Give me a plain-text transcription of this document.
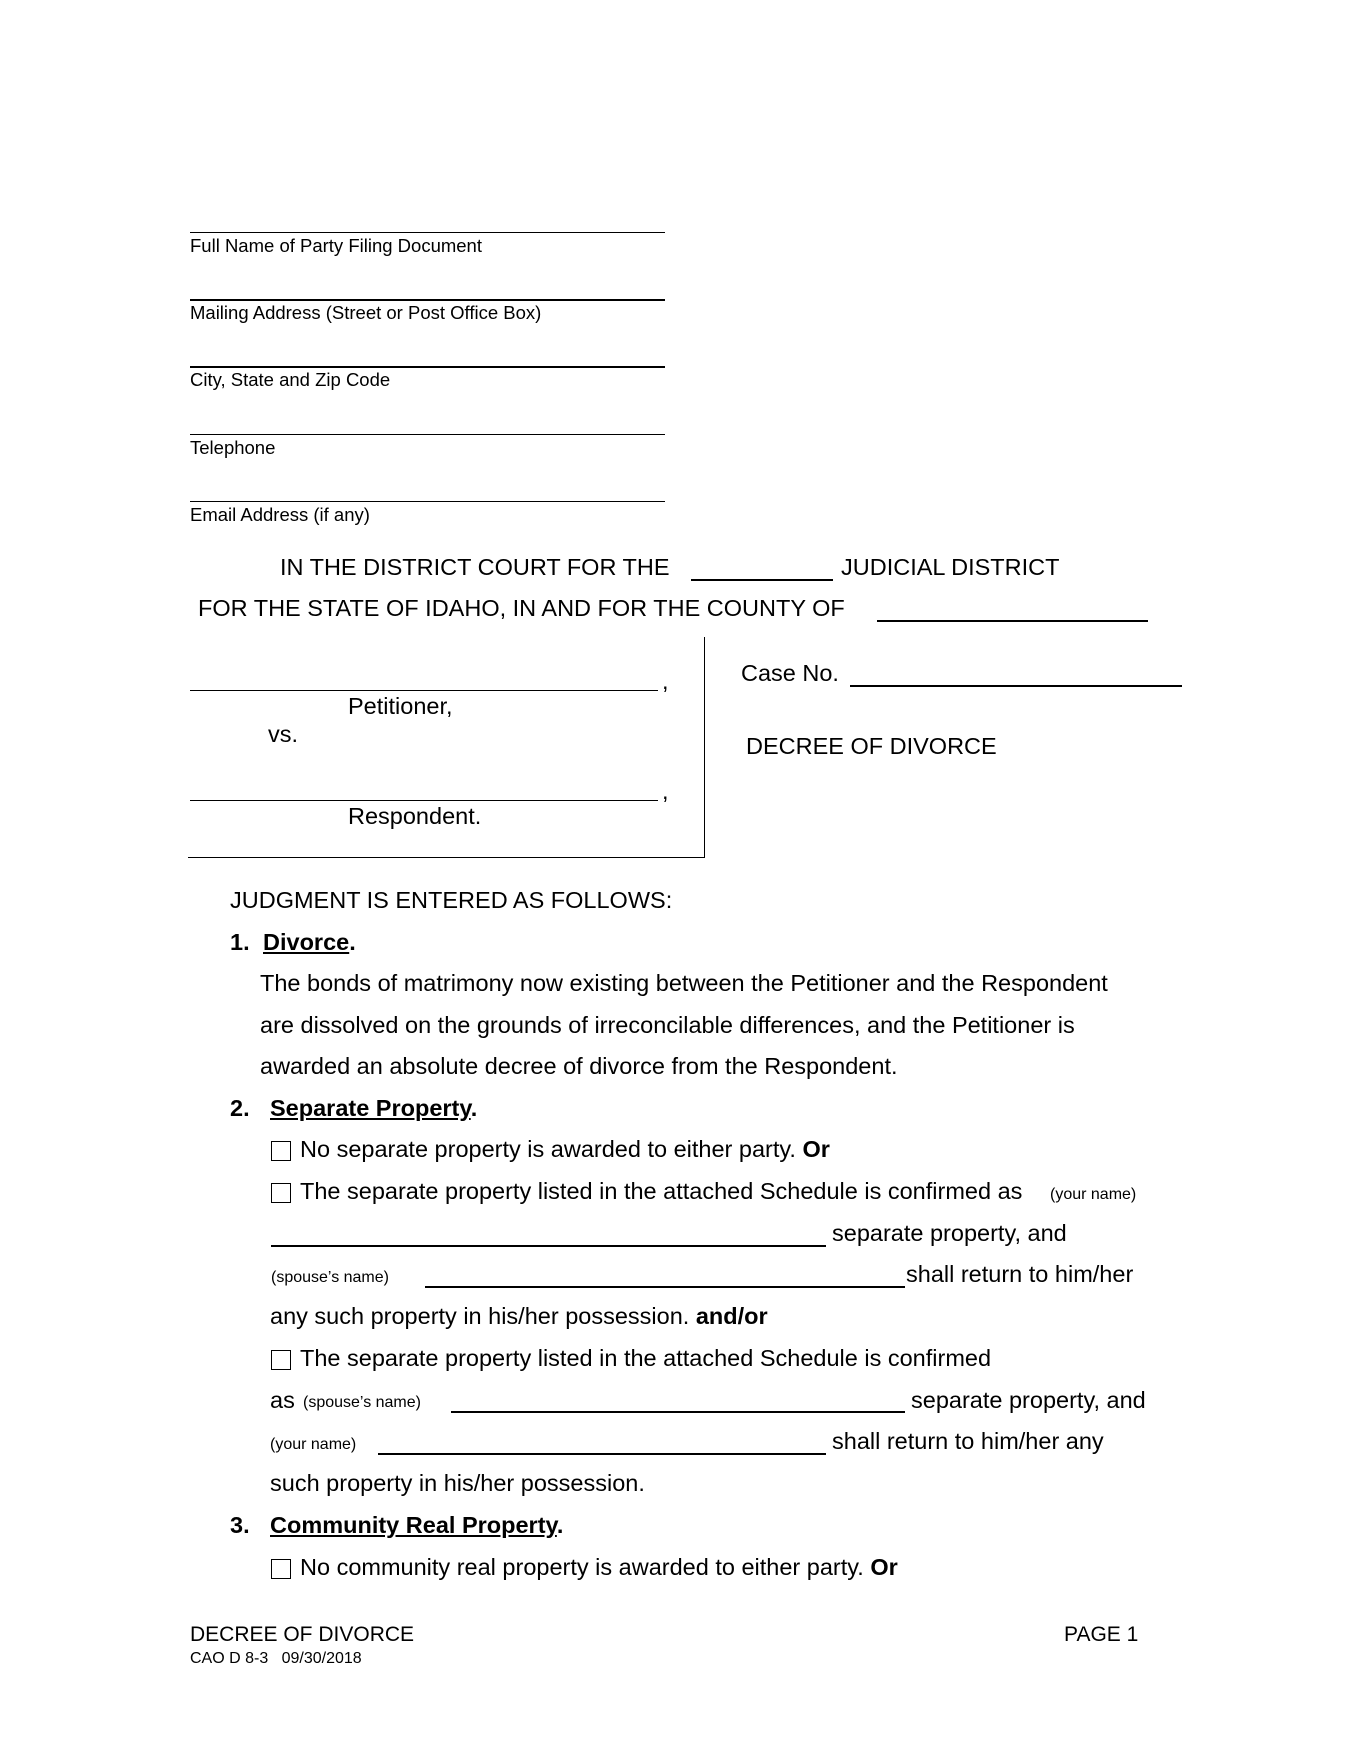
Full Name of Party Filing Document
Mailing Address (Street or Post Office Box)
City, State and Zip Code
Telephone
Email Address (if any)
IN THE DISTRICT COURT FOR THE	JUDICIAL DISTRICT
FOR THE STATE OF IDAHO, IN AND FOR THE COUNTY OF
,
Petitioner,
vs.
,
Respondent.
Case No.
DECREE OF DIVORCE
JUDGMENT IS ENTERED AS FOLLOWS:
1. Divorce.
The bonds of matrimony now existing between the Petitioner and the Respondent
are dissolved on the grounds of irreconcilable differences, and the Petitioner is
awarded an absolute decree of divorce from the Respondent.
2. Separate Property.
No separate property is awarded to either party. Or
The separate property listed in the attached Schedule is confirmed as (your name)
separate property, and
(spouse’s name)	shall return to him/her
any such property in his/her possession. and/or
The separate property listed in the attached Schedule is confirmed
as (spouse’s name)	separate property, and
(your name)	shall return to him/her any
such property in his/her possession.
3. Community Real Property.
No community real property is awarded to either party. Or
DECREE OF DIVORCE
CAO D 8-3   09/30/2018
PAGE 1
